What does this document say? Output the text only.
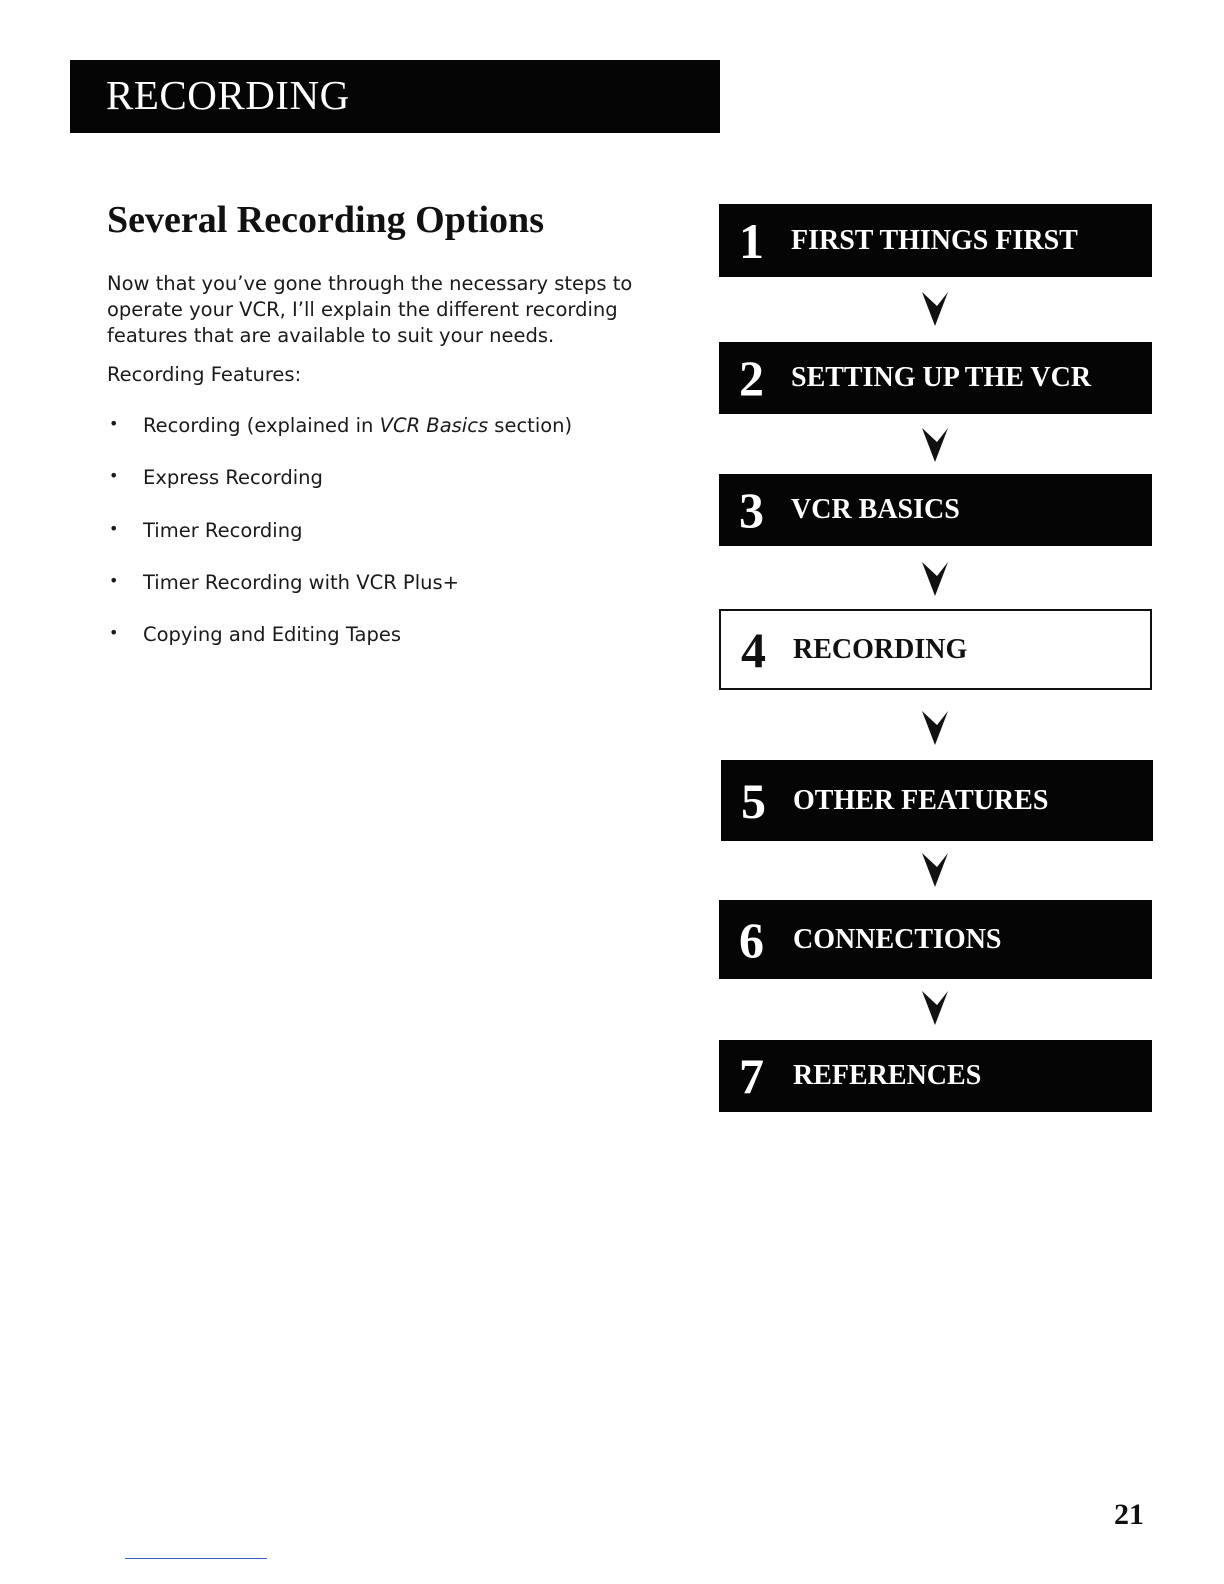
RECORDING
Several Recording Options

Now that you’ve gone through the necessary steps to operate your VCR, I’ll explain the different recording features that are available to suit your needs.

Recording Features:

• Recording (explained in VCR Basics section)
• Express Recording
• Timer Recording
• Timer Recording with VCR Plus+
• Copying and Editing Tapes
1 FIRST THINGS FIRST
2 SETTING UP THE VCR
3 VCR BASICS
4 RECORDING
5 OTHER FEATURES
6 CONNECTIONS
7 REFERENCES
21
